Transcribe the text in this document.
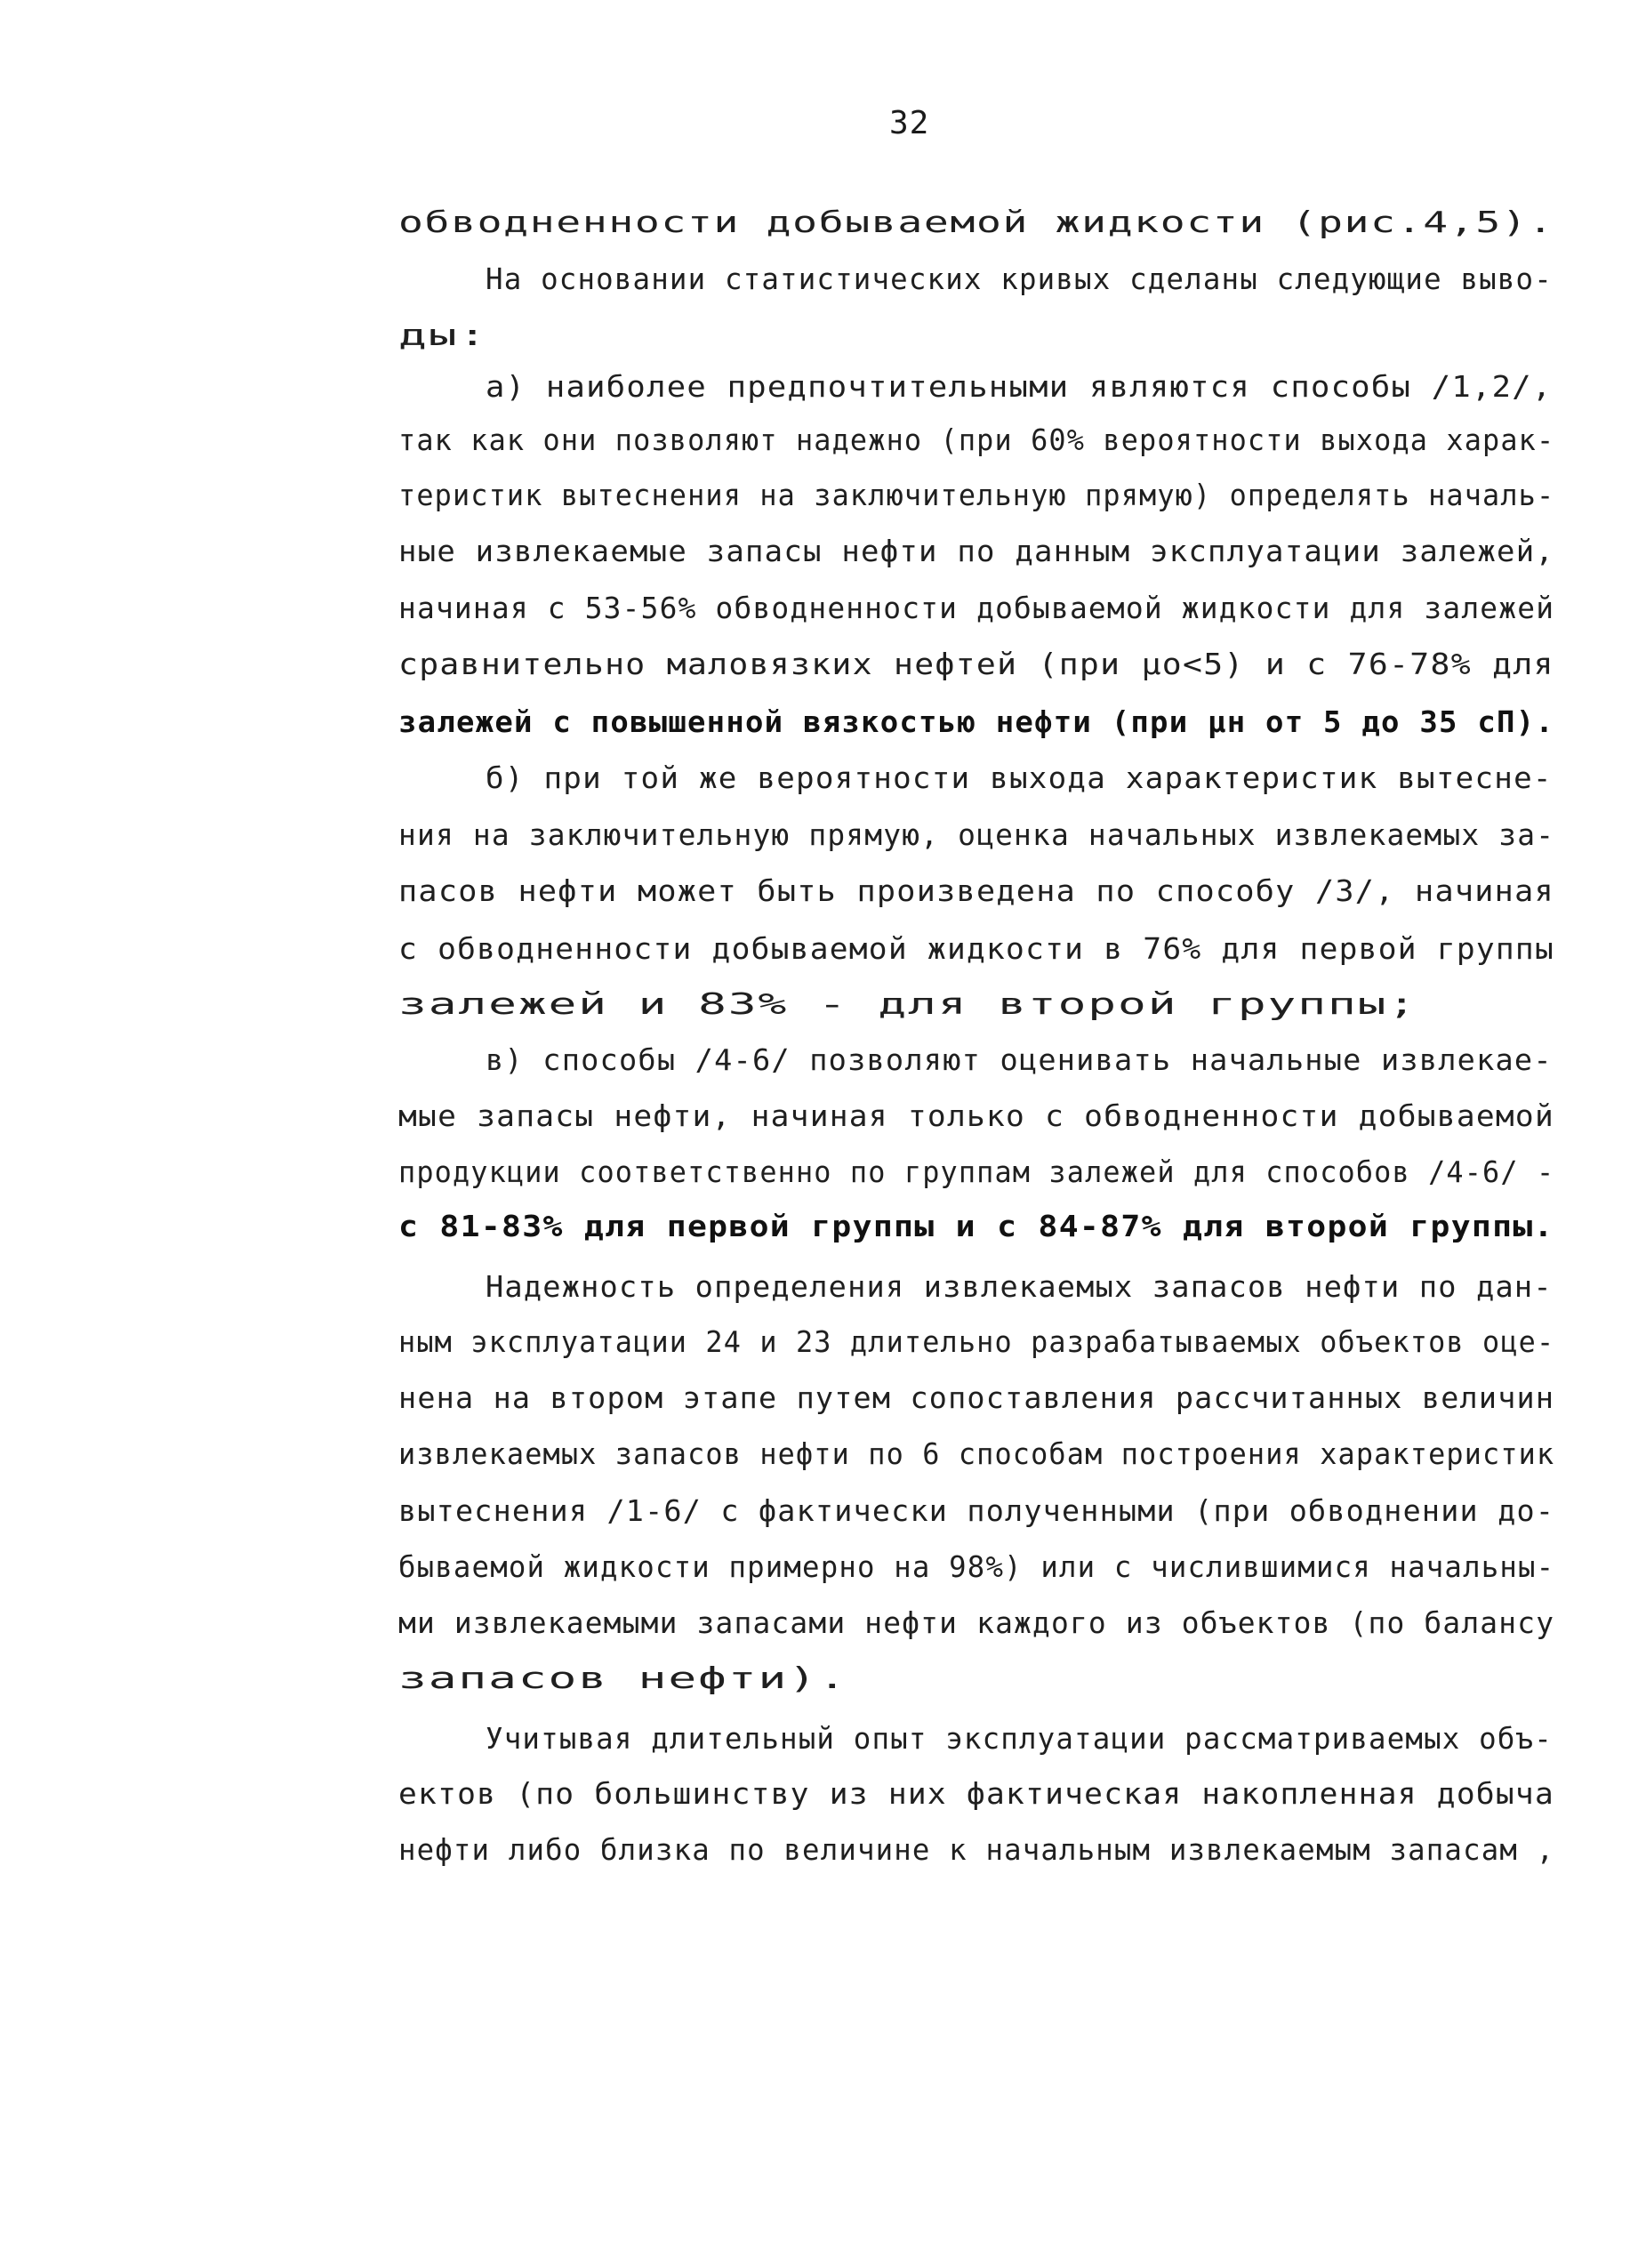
32
обводненности добываемой жидкости (рис.4,5).
На основании статистических кривых сделаны следующие выво-
ды:
а) наиболее предпочтительными являются способы /1,2/,
так как они позволяют надежно (при 60% вероятности выхода харак-
теристик вытеснения на заключительную прямую) определять началь-
ные извлекаемые запасы нефти по данным эксплуатации залежей,
начиная с 53-56% обводненности добываемой жидкости для залежей
сравнительно маловязких нефтей (при μo<5) и с 76-78% для
залежей с повышенной вязкостью нефти (при μн от 5 до 35 сП).
б) при той же вероятности выхода характеристик вытесне-
ния на заключительную прямую, оценка начальных извлекаемых за-
пасов нефти может быть произведена по способу /3/, начиная
с обводненности добываемой жидкости в 76% для первой группы
залежей и 83% - для второй группы;
в) способы /4-6/ позволяют оценивать начальные извлекае-
мые запасы нефти, начиная только с обводненности добываемой
продукции соответственно по группам залежей для способов /4-6/ -
с 81-83% для первой группы и с 84-87% для второй группы.
Надежность определения извлекаемых запасов нефти по дан-
ным эксплуатации 24 и 23 длительно разрабатываемых объектов оце-
нена на втором этапе путем сопоставления рассчитанных величин
извлекаемых запасов нефти по 6 способам построения характеристик
вытеснения /1-6/ с фактически полученными (при обводнении до-
бываемой жидкости примерно на 98%) или с числившимися начальны-
ми извлекаемыми запасами нефти каждого из объектов (по балансу
запасов нефти).
Учитывая длительный опыт эксплуатации рассматриваемых объ-
ектов (по большинству из них фактическая накопленная добыча
нефти либо близка по величине к начальным извлекаемым запасам ,
